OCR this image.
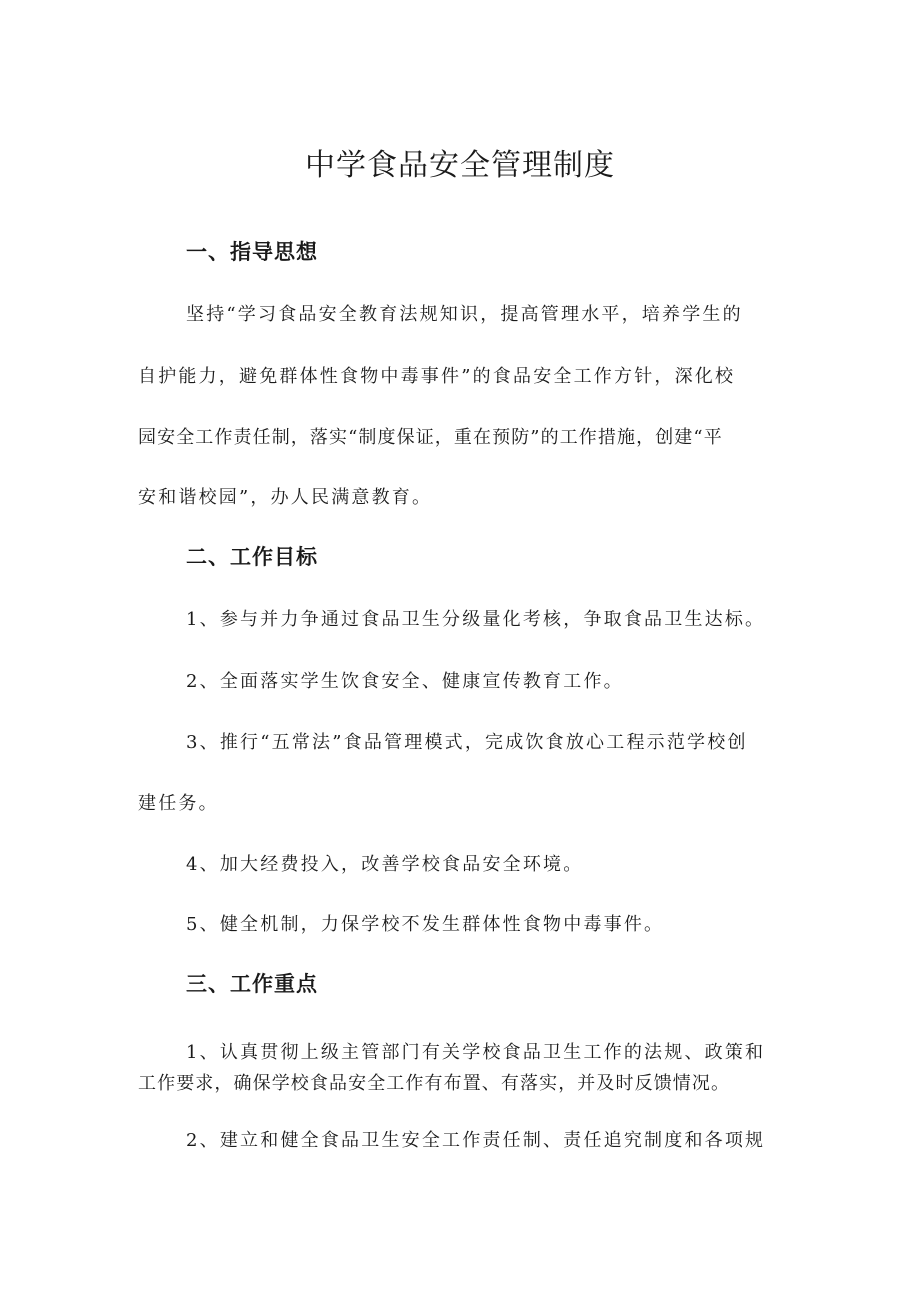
中学食品安全管理制度
一、指导思想

坚持“学习食品安全教育法规知识，提高管理水平，培养学生的

自护能力，避免群体性食物中毒事件”的食品安全工作方针，深化校

园安全工作责任制，落实“制度保证，重在预防”的工作措施，创建“平

安和谐校园”，办人民满意教育。

二、工作目标

1、参与并力争通过食品卫生分级量化考核，争取食品卫生达标。

2、全面落实学生饮食安全、健康宣传教育工作。

3、推行“五常法”食品管理模式，完成饮食放心工程示范学校创

建任务。

4、加大经费投入，改善学校食品安全环境。

5、健全机制，力保学校不发生群体性食物中毒事件。

三、工作重点

1、认真贯彻上级主管部门有关学校食品卫生工作的法规、政策和

工作要求，确保学校食品安全工作有布置、有落实，并及时反馈情况。

2、建立和健全食品卫生安全工作责任制、责任追究制度和各项规
